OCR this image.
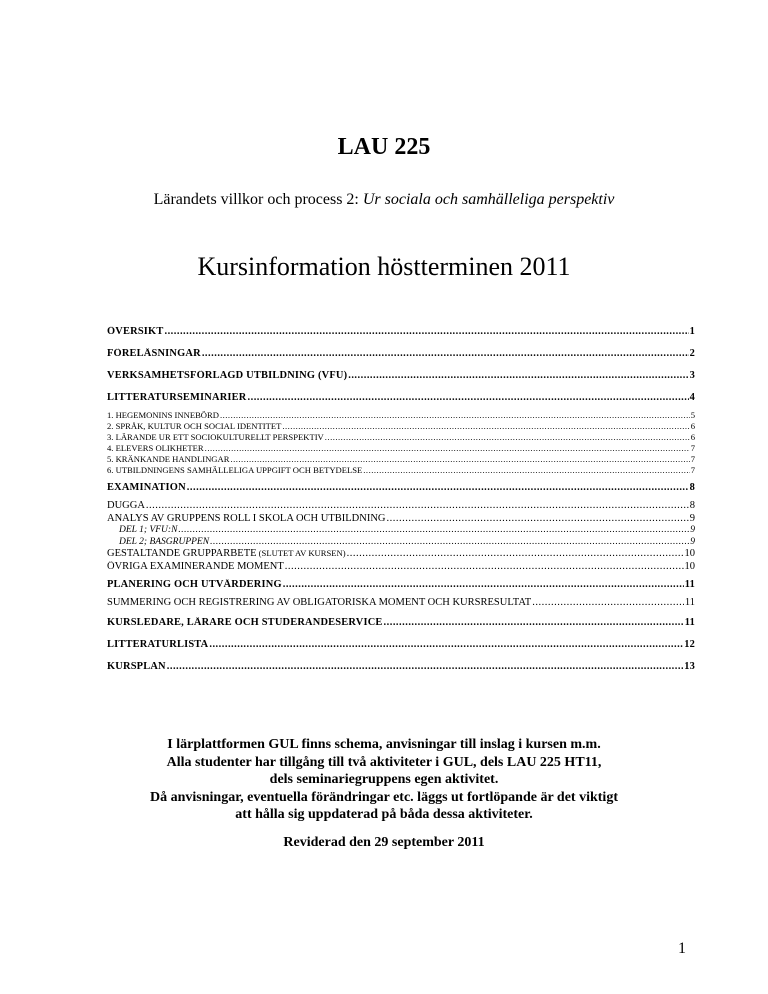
LAU 225
Lärandets villkor och process 2: Ur sociala och samhälleliga perspektiv
Kursinformation höstterminen 2011
ÖVERSIKT .....	1
FÖRELÄSNINGAR .....	2
VERKSAMHETSFÖRLAGD UTBILDNING (VFU) .....	3
LITTERATURSEMINARIER .....	4
1. HEGEMONINS INNEBÖRD .....	5
2. SPRÅK, KULTUR OCH SOCIAL IDENTITET .....	6
3. LÄRANDE UR ETT SOCIOKULTURELLT PERSPEKTIV .....	6
4. ELEVERS OLIKHETER .....	7
5. KRÄNKANDE HANDLINGAR .....	7
6. UTBILDNINGENS SAMHÄLLELIGA UPPGIFT OCH BETYDELSE .....	7
EXAMINATION .....	8
DUGGA .....	8
ANALYS AV GRUPPENS ROLL I SKOLA OCH UTBILDNING .....	9
DEL 1; VFU:N .....	9
DEL 2; BASGRUPPEN .....	9
GESTALTANDE GRUPPARBETE (SLUTET AV KURSEN) .....	10
ÖVRIGA EXAMINERANDE MOMENT .....	10
PLANERING OCH UTVÄRDERING .....	11
SUMMERING OCH REGISTRERING AV OBLIGATORISKA MOMENT OCH KURSRESULTAT .....	11
KURSLEDARE, LÄRARE OCH STUDERANDESERVICE .....	11
LITTERATURLISTA .....	12
KURSPLAN .....	13
I lärplattformen GUL finns schema, anvisningar till inslag i kursen m.m.
Alla studenter har tillgång till två aktiviteter i GUL, dels LAU 225 HT11,
dels seminariegruppens egen aktivitet.
Då anvisningar, eventuella förändringar etc. läggs ut fortlöpande är det viktigt
att hålla sig uppdaterad på båda dessa aktiviteter.
Reviderad den 29 september 2011
1
